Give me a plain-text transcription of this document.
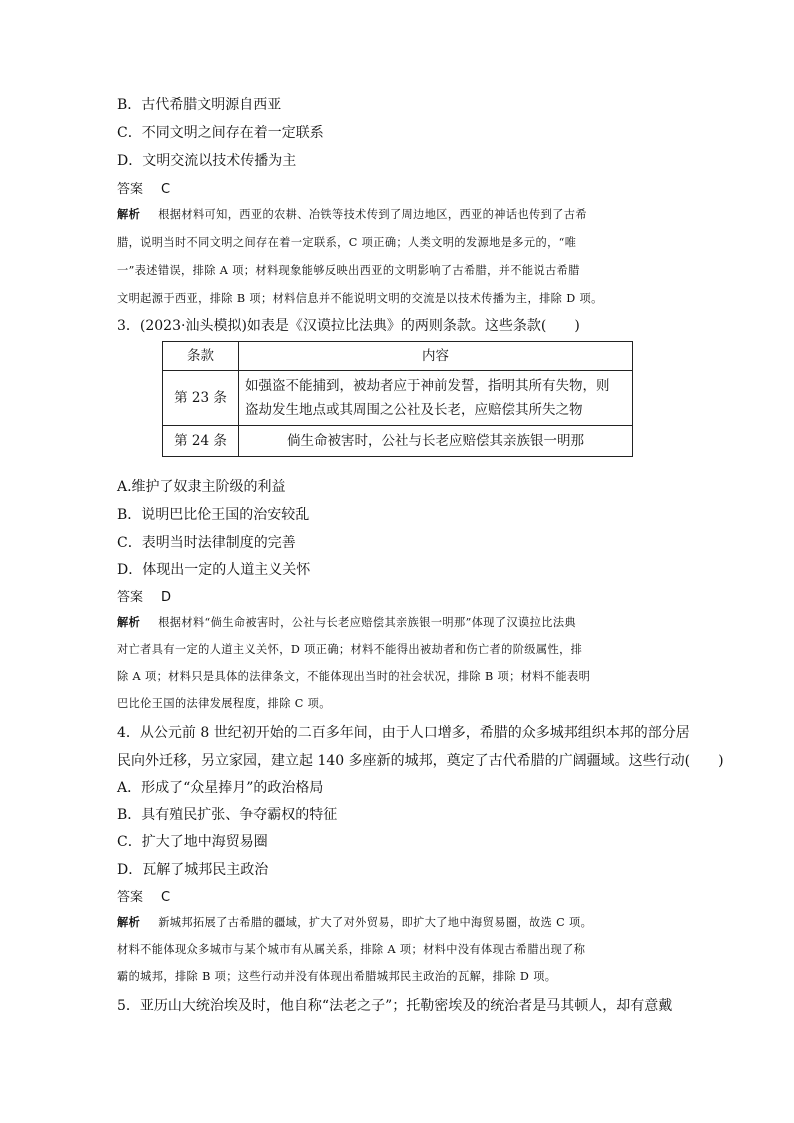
B．古代希腊文明源自西亚
C．不同文明之间存在着一定联系
D．文明交流以技术传播为主
答案 C
解析 根据材料可知，西亚的农耕、冶铁等技术传到了周边地区，西亚的神话也传到了古希
腊，说明当时不同文明之间存在着一定联系，C 项正确；人类文明的发源地是多元的，“唯
一”表述错误，排除 A 项；材料现象能够反映出西亚的文明影响了古希腊，并不能说古希腊
文明起源于西亚，排除 B 项；材料信息并不能说明文明的交流是以技术传播为主，排除 D 项。
3．(2023·汕头模拟)如表是《汉谟拉比法典》的两则条款。这些条款(　　)
条款	内容
第 23 条	如强盗不能捕到，被劫者应于神前发誓，指明其所有失物，则
盗劫发生地点或其周围之公社及长老，应赔偿其所失之物

第 24 条	倘生命被害时，公社与长老应赔偿其亲族银一明那
A.维护了奴隶主阶级的利益
B．说明巴比伦王国的治安较乱
C．表明当时法律制度的完善
D．体现出一定的人道主义关怀
答案 D
解析 根据材料“倘生命被害时，公社与长老应赔偿其亲族银一明那”体现了汉谟拉比法典
对亡者具有一定的人道主义关怀，D 项正确；材料不能得出被劫者和伤亡者的阶级属性，排
除 A 项；材料只是具体的法律条文，不能体现出当时的社会状况，排除 B 项；材料不能表明
巴比伦王国的法律发展程度，排除 C 项。
4．从公元前 8 世纪初开始的二百多年间，由于人口增多，希腊的众多城邦组织本邦的部分居
民向外迁移，另立家园，建立起 140 多座新的城邦，奠定了古代希腊的广阔疆域。这些行动(　　)
A．形成了“众星捧月”的政治格局
B．具有殖民扩张、争夺霸权的特征
C．扩大了地中海贸易圈
D．瓦解了城邦民主政治
答案 C
解析 新城邦拓展了古希腊的疆域，扩大了对外贸易，即扩大了地中海贸易圈，故选 C 项。
材料不能体现众多城市与某个城市有从属关系，排除 A 项；材料中没有体现古希腊出现了称
霸的城邦，排除 B 项；这些行动并没有体现出希腊城邦民主政治的瓦解，排除 D 项。
5．亚历山大统治埃及时，他自称“法老之子”；托勒密埃及的统治者是马其顿人，却有意戴
